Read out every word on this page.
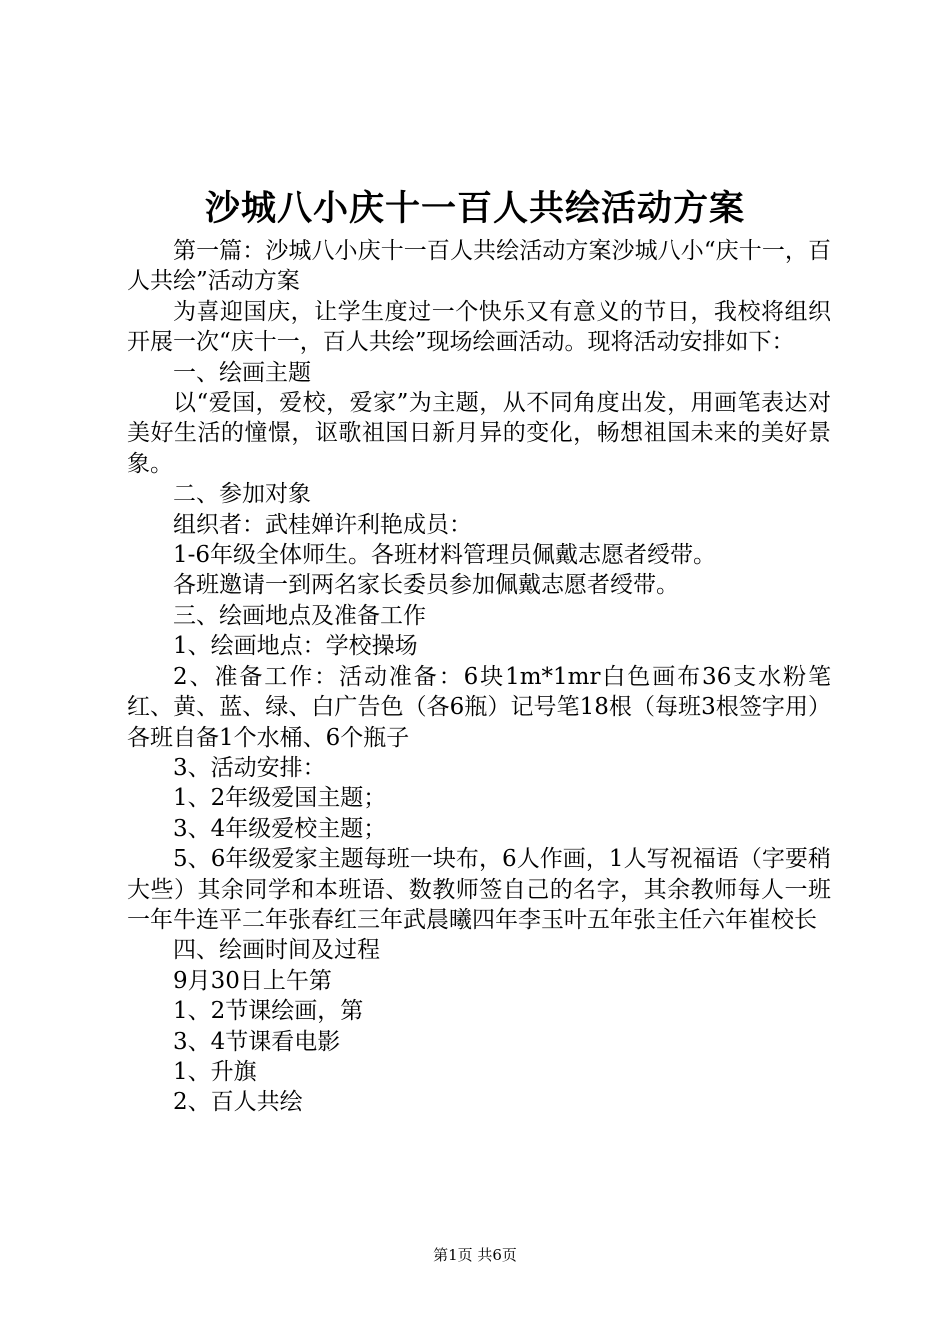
沙城八小庆十一百人共绘活动方案

第一篇：沙城八小庆十一百人共绘活动方案沙城八小“庆十一，百人共绘”活动方案

为喜迎国庆，让学生度过一个快乐又有意义的节日，我校将组织开展一次“庆十一，百人共绘”现场绘画活动。现将活动安排如下：

一、绘画主题

以“爱国，爱校，爱家”为主题，从不同角度出发，用画笔表达对美好生活的憧憬，讴歌祖国日新月异的变化，畅想祖国未来的美好景象。

二、参加对象

组织者：武桂婵许利艳成员：

1-6年级全体师生。各班材料管理员佩戴志愿者绶带。

各班邀请一到两名家长委员参加佩戴志愿者绶带。

三、绘画地点及准备工作

1、绘画地点：学校操场

2、准备工作：活动准备：6块1m*1mr白色画布36支水粉笔红、黄、蓝、绿、白广告色（各6瓶）记号笔18根（每班3根签字用）各班自备1个水桶、6个瓶子

3、活动安排：

1、2年级爱国主题；

3、4年级爱校主题；

5、6年级爱家主题每班一块布，6人作画，1人写祝福语（字要稍大些）其余同学和本班语、数教师签自己的名字，其余教师每人一班一年牛连平二年张春红三年武晨曦四年李玉叶五年张主任六年崔校长

四、绘画时间及过程

9月30日上午第

1、2节课绘画，第

3、4节课看电影

1、升旗

2、百人共绘

第1页 共6页
